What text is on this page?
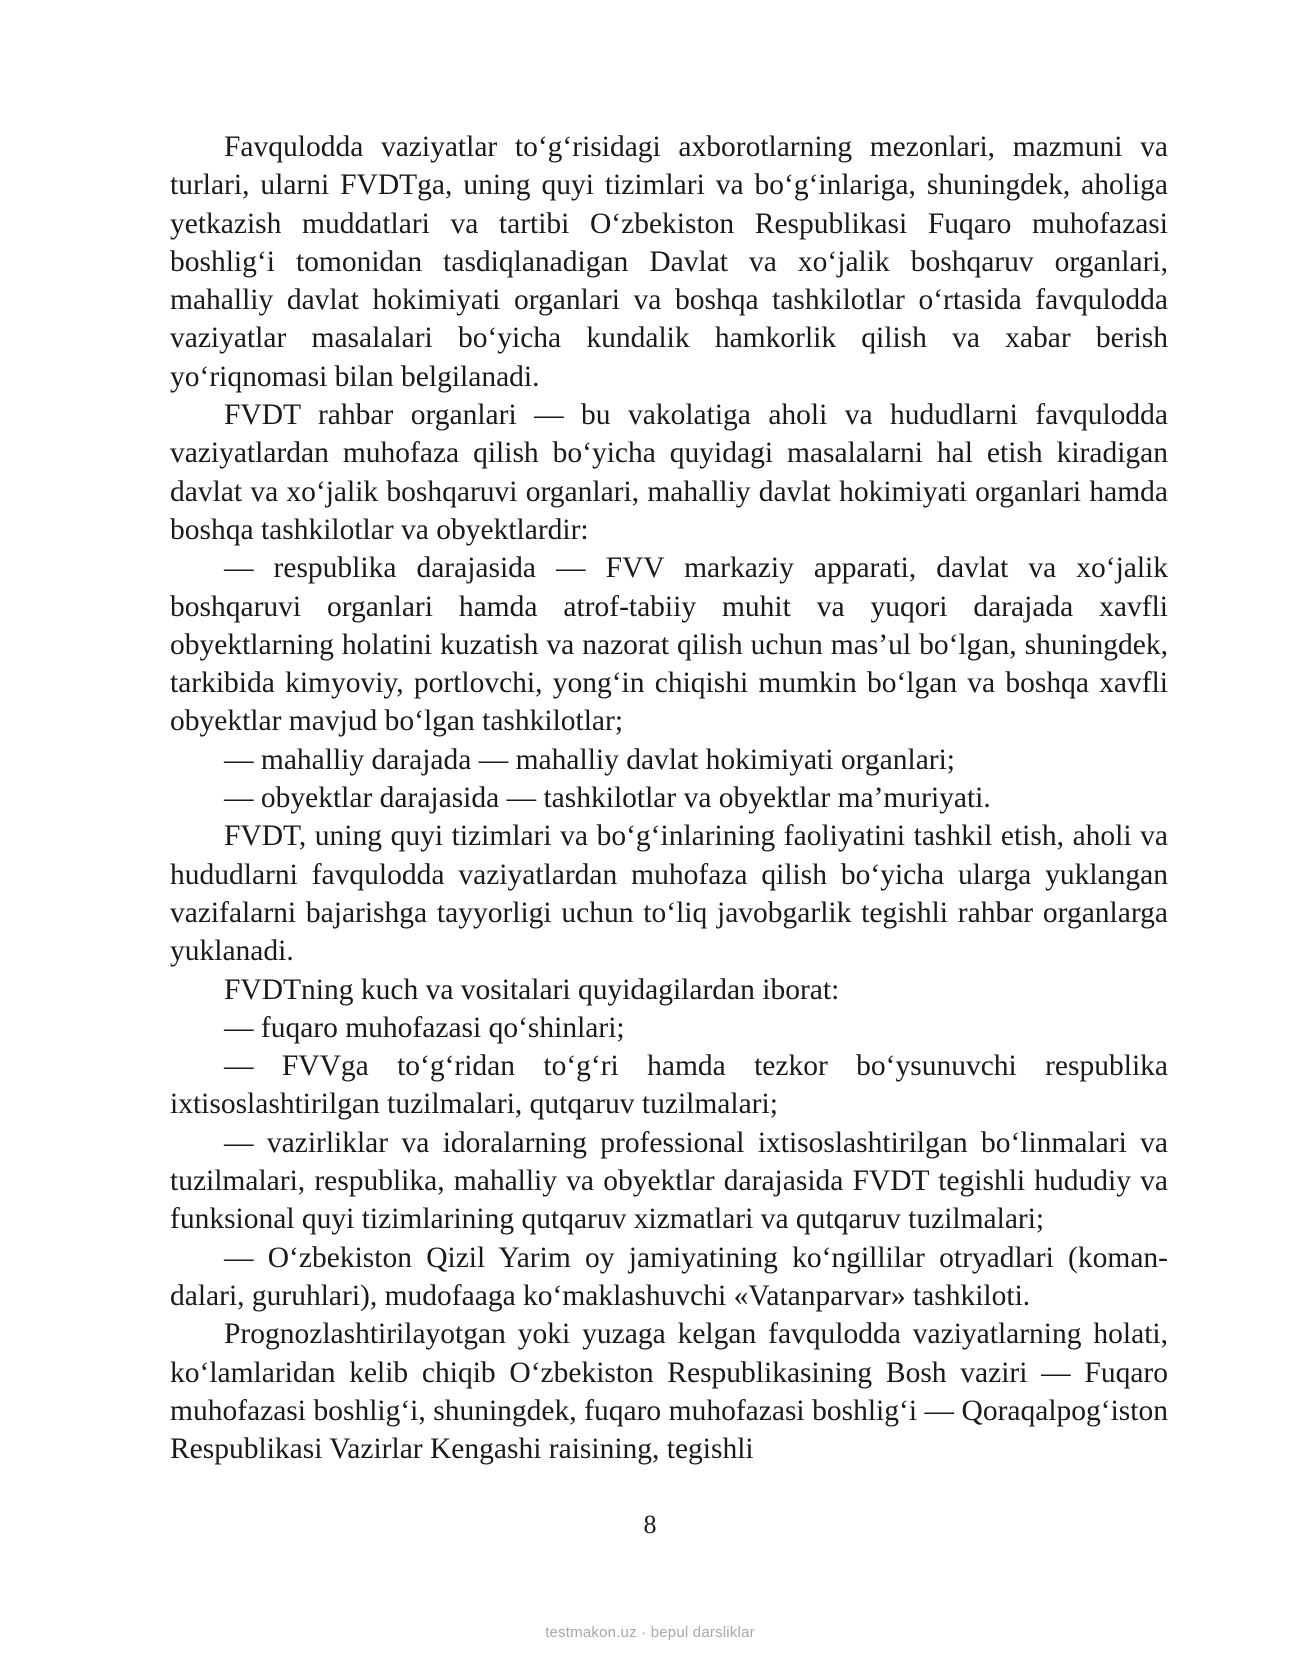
Favqulodda vaziyatlar to‘g‘risidagi axborotlarning mezonlari, mazmuni va turlari, ularni FVDTga, uning quyi tizimlari va bo‘g‘inlariga, shuningdek, aholiga yetkazish muddatlari va tartibi O‘zbekiston Respublikasi Fuqaro muhofazasi boshlig‘i tomonidan tasdiqlanadigan Davlat va xo‘jalik boshqaruv organlari, mahalliy davlat hokimiyati organlari va boshqa tashkilotlar o‘rtasida favqulodda vaziyatlar masalalari bo‘yicha kundalik hamkorlik qilish va xabar berish yo‘riqnomasi bilan belgilanadi.

FVDT rahbar organlari — bu vakolatiga aholi va hududlarni favqulodda vaziyatlardan muhofaza qilish bo‘yicha quyidagi masalalarni hal etish kiradigan davlat va xo‘jalik boshqaruvi organlari, mahalliy davlat hokimiyati organlari hamda boshqa tashkilotlar va obyektlardir:

— respublika darajasida — FVV markaziy apparati, davlat va xo‘jalik boshqaruvi organlari hamda atrof-tabiiy muhit va yuqori darajada xavfli obyektlarning holatini kuzatish va nazorat qilish uchun mas’ul bo‘lgan, shuningdek, tarkibida kimyoviy, portlovchi, yong‘in chiqishi mumkin bo‘lgan va boshqa xavfli obyektlar mavjud bo‘lgan tashkilotlar;

— mahalliy darajada — mahalliy davlat hokimiyati organlari;

— obyektlar darajasida — tashkilotlar va obyektlar ma’muriyati.

FVDT, uning quyi tizimlari va bo‘g‘inlarining faoliyatini tashkil etish, aholi va hududlarni favqulodda vaziyatlardan muhofaza qilish bo‘yicha ularga yuklangan vazifalarni bajarishga tayyorligi uchun to‘liq javobgarlik tegishli rahbar organlarga yuklanadi.

FVDTning kuch va vositalari quyidagilardan iborat:

— fuqaro muhofazasi qo‘shinlari;

— FVVga to‘g‘ridan to‘g‘ri hamda tezkor bo‘ysunuvchi respublika ixtisoslashtirilgan tuzilmalari, qutqaruv tuzilmalari;

— vazirliklar va idoralarning professional ixtisoslashtirilgan bo‘linmalari va tuzilmalari, respublika, mahalliy va obyektlar darajasida FVDT tegishli hududiy va funksional quyi tizimlarining qutqaruv xizmatlari va qutqaruv tuzilmalari;

— O‘zbekiston Qizil Yarim oy jamiyatining ko‘ngillilar otryadlari (komandalari, guruhlari), mudofaaga ko‘maklashuvchi «Vatanparvar» tashkiloti.

Prognozlashtirilayotgan yoki yuzaga kelgan favqulodda vaziyatlarning holati, ko‘lamlaridan kelib chiqib O‘zbekiston Respublikasining Bosh vaziri — Fuqaro muhofazasi boshlig‘i, shuningdek, fuqaro muhofazasi boshlig‘i — Qoraqalpog‘iston Respublikasi Vazirlar Kengashi raisining, tegishli

8
testmakon.uz · bepul darsliklar
